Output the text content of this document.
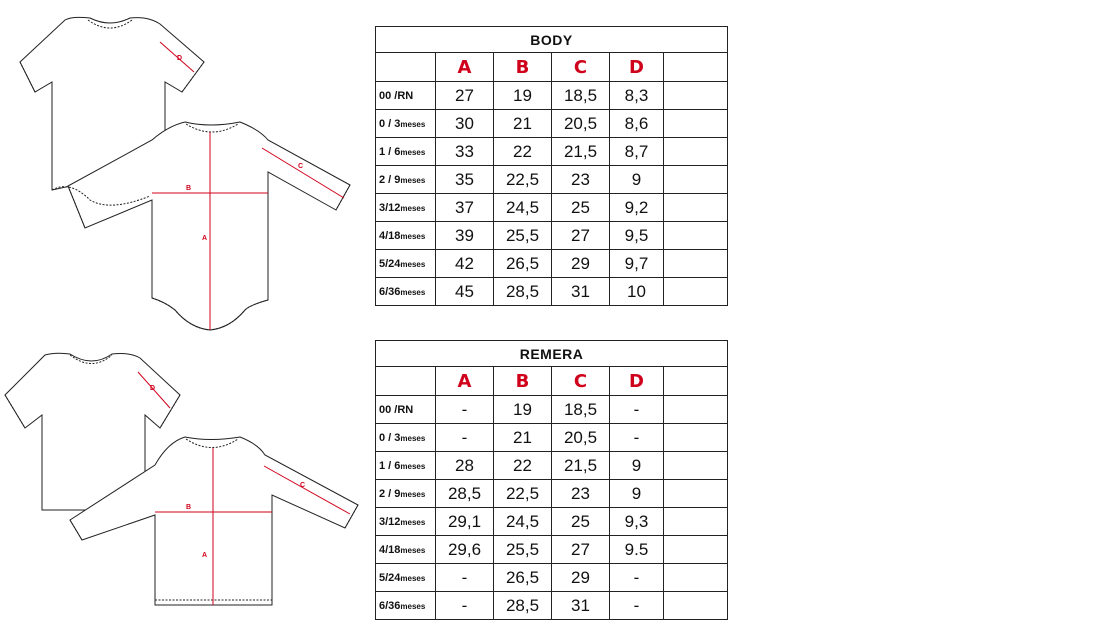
D
A
B
C
D
A
B
C
BODY					
	A	B	C	D	
00 /RN	27	19	18,5	8,3	
0 / 3meses	30	21	20,5	8,6	
1 / 6meses	33	22	21,5	8,7	
2 / 9meses	35	22,5	23	9	
3/12meses	37	24,5	25	9,2	
4/18meses	39	25,5	27	9,5	
5/24meses	42	26,5	29	9,7	
6/36meses	45	28,5	31	10	
REMERA					
	A	B	C	D	
00 /RN	-	19	18,5	-	
0 / 3meses	-	21	20,5	-	
1 / 6meses	28	22	21,5	9	
2 / 9meses	28,5	22,5	23	9	
3/12meses	29,1	24,5	25	9,3	
4/18meses	29,6	25,5	27	9.5	
5/24meses	-	26,5	29	-	
6/36meses	-	28,5	31	-	
